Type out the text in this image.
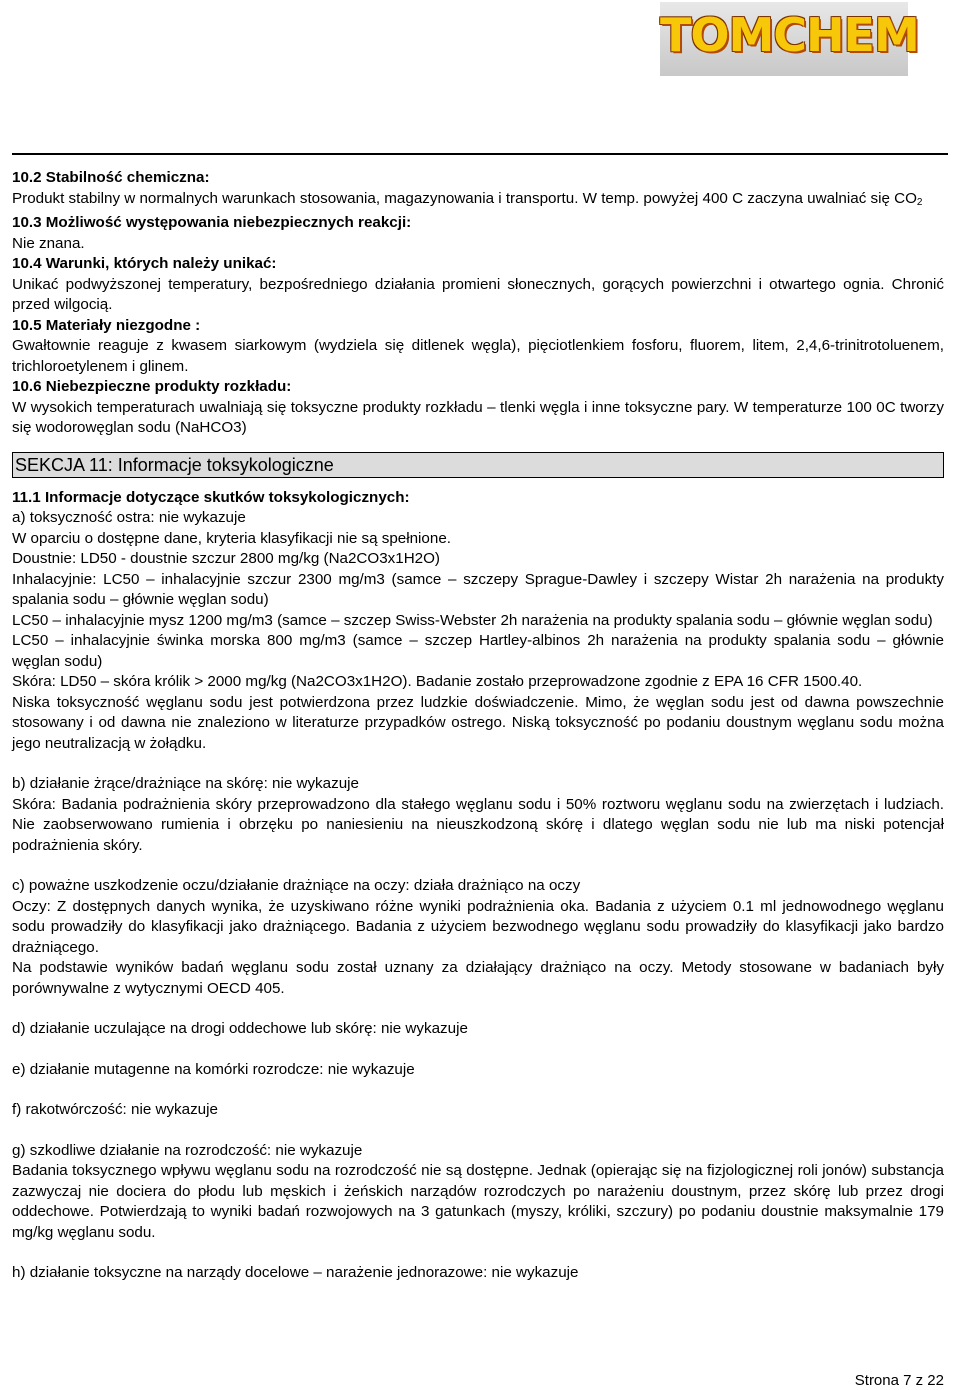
KARTA CHARAKTERYSTYKI
WĘGLAN SODU LEKKI gat. E
Data wydania 01.12.2010	Data aktualizacji: 30.01.2015
Wersja PL: 4.0
Karta Charakterystyki jest zgodna z Rozporządzeniem WE 1907/2006 z 18.12.2006 – REACH oraz 453/2010 z 20.05.2010r.
TOMCHEM

10.2 Stabilność chemiczna:

Produkt stabilny w normalnych warunkach stosowania, magazynowania i transportu. W temp. powyżej 400 C zaczyna uwalniać się $CO_2$

10.3 Możliwość występowania niebezpiecznych reakcji:

Nie znana.

10.4 Warunki, których należy unikać:

Unikać podwyższonej temperatury, bezpośredniego działania promieni słonecznych, gorących powierzchni i otwartego ognia. Chronić przed wilgocią.

10.5 Materiały niezgodne :

Gwałtownie reaguje z kwasem siarkowym (wydziela się ditlenek węgla), pięciotlenkiem fosforu, fluorem, litem, 2,4,6-trinitrotoluenem, trichloroetylenem i glinem.

10.6 Niebezpieczne produkty rozkładu:

W wysokich temperaturach uwalniają się toksyczne produkty rozkładu – tlenki węgla i inne toksyczne pary. W temperaturze 100 0C tworzy się wodorowęglan sodu (NaHCO3)

SEKCJA 11: Informacje toksykologiczne

11.1 Informacje dotyczące skutków toksykologicznych:

a) toksyczność ostra: nie wykazuje

W oparciu o dostępne dane, kryteria klasyfikacji nie są spełnione.

Doustnie: LD50 - doustnie szczur 2800 mg/kg (Na2CO3x1H2O)

Inhalacyjnie: LC50 – inhalacyjnie szczur 2300 mg/m3 (samce – szczepy Sprague-Dawley i szczepy Wistar 2h narażenia na produkty spalania sodu – głównie węglan sodu)

LC50 – inhalacyjnie mysz 1200 mg/m3 (samce – szczep Swiss-Webster 2h narażenia na produkty spalania sodu – głównie węglan sodu)

LC50 – inhalacyjnie świnka morska 800 mg/m3 (samce – szczep Hartley-albinos 2h narażenia na produkty spalania sodu – głównie węglan sodu)

Skóra: LD50 – skóra królik > 2000 mg/kg (Na2CO3x1H2O). Badanie zostało przeprowadzone zgodnie z EPA 16 CFR 1500.40.

Niska toksyczność węglanu sodu jest potwierdzona przez ludzkie doświadczenie. Mimo, że węglan sodu jest od dawna powszechnie stosowany i od dawna nie znaleziono w literaturze przypadków ostrego. Niską toksyczność po podaniu doustnym węglanu sodu można jego neutralizacją w żołądku.

b) działanie żrące/drażniące na skórę: nie wykazuje

Skóra: Badania podrażnienia skóry przeprowadzono dla stałego węglanu sodu i 50% roztworu węglanu sodu na zwierzętach i ludziach. Nie zaobserwowano rumienia i obrzęku po naniesieniu na nieuszkodzoną skórę i dlatego węglan sodu nie lub ma niski potencjał podrażnienia skóry.

c) poważne uszkodzenie oczu/działanie drażniące na oczy: działa drażniąco na oczy

Oczy: Z dostępnych danych wynika, że uzyskiwano różne wyniki podrażnienia oka. Badania z użyciem 0.1 ml jednowodnego węglanu sodu prowadziły do klasyfikacji jako drażniącego. Badania z użyciem bezwodnego węglanu sodu prowadziły do klasyfikacji jako bardzo drażniącego.

Na podstawie wyników badań węglanu sodu został uznany za działający drażniąco na oczy. Metody stosowane w badaniach były porównywalne z wytycznymi OECD 405.

d) działanie uczulające na drogi oddechowe lub skórę: nie wykazuje

e) działanie mutagenne na komórki rozrodcze: nie wykazuje

f) rakotwórczość: nie wykazuje

g) szkodliwe działanie na rozrodczość: nie wykazuje

Badania toksycznego wpływu węglanu sodu na rozrodczość nie są dostępne. Jednak (opierając się na fizjologicznej roli jonów) substancja zazwyczaj nie dociera do płodu lub męskich i żeńskich narządów rozrodczych po narażeniu doustnym, przez skórę lub przez drogi oddechowe. Potwierdzają to wyniki badań rozwojowych na 3 gatunkach (myszy, króliki, szczury) po podaniu doustnie maksymalnie 179 mg/kg węglanu sodu.

h) działanie toksyczne na narządy docelowe – narażenie jednorazowe: nie wykazuje

Strona 7 z 22
